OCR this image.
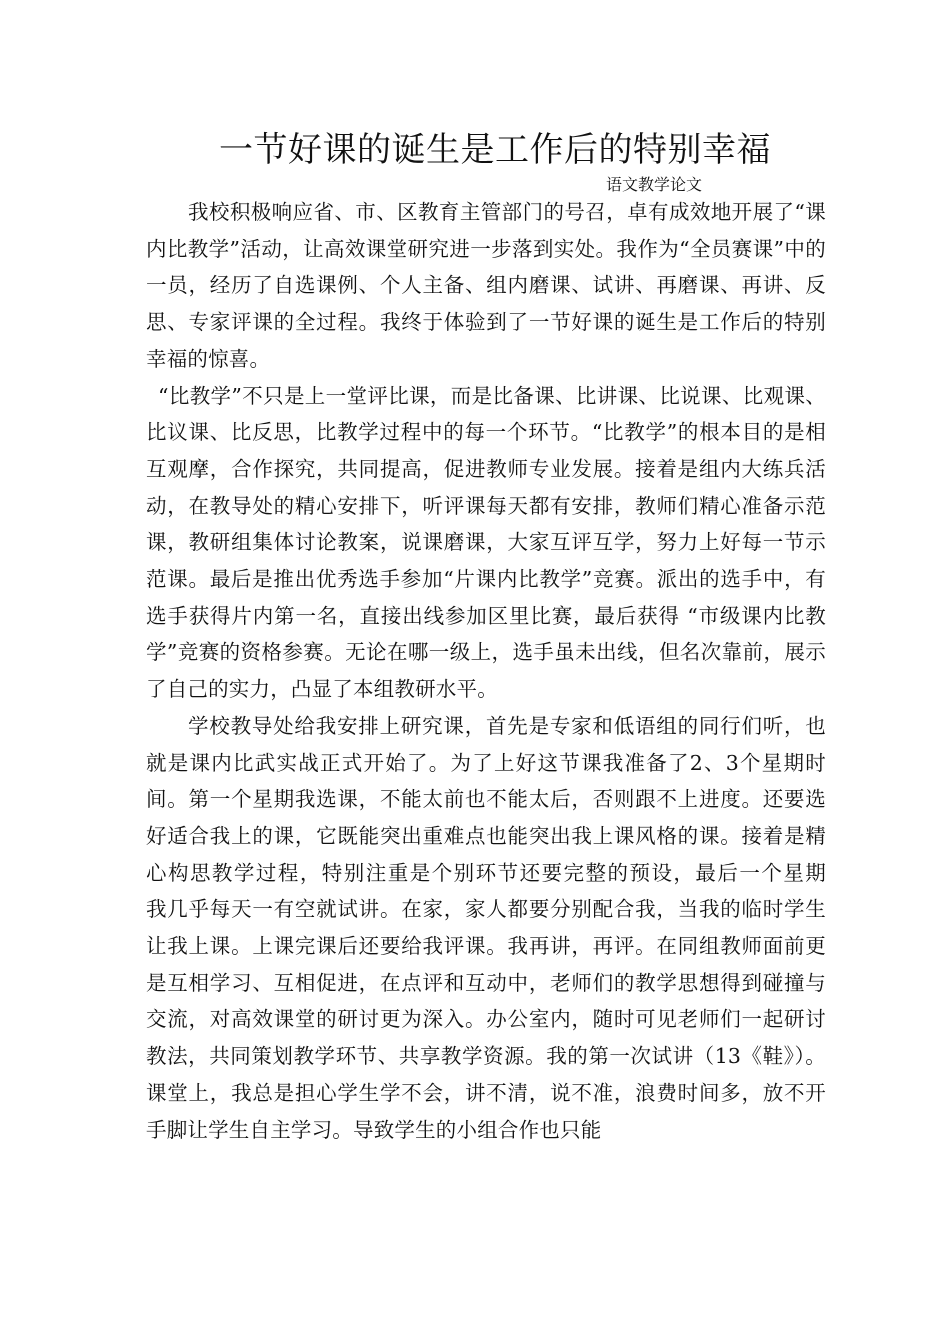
一节好课的诞生是工作后的特别幸福

语文教学论文

我校积极响应省、市、区教育主管部门的号召，卓有成效地开展了“课内比教学”活动，让高效课堂研究进一步落到实处。我作为“全员赛课”中的一员，经历了自选课例、个人主备、组内磨课、试讲、再磨课、再讲、反思、专家评课的全过程。我终于体验到了一节好课的诞生是工作后的特别幸福的惊喜。

“比教学”不只是上一堂评比课，而是比备课、比讲课、比说课、比观课、比议课、比反思，比教学过程中的每一个环节。“比教学”的根本目的是相互观摩，合作探究，共同提高，促进教师专业发展。接着是组内大练兵活动，在教导处的精心安排下，听评课每天都有安排，教师们精心准备示范课，教研组集体讨论教案，说课磨课，大家互评互学，努力上好每一节示范课。最后是推出优秀选手参加“片课内比教学”竞赛。派出的选手中，有选手获得片内第一名，直接出线参加区里比赛，最后获得 “市级课内比教学”竞赛的资格参赛。无论在哪一级上，选手虽未出线，但名次靠前，展示了自己的实力，凸显了本组教研水平。

学校教导处给我安排上研究课，首先是专家和低语组的同行们听，也就是课内比武实战正式开始了。为了上好这节课我准备了2、3个星期时间。第一个星期我选课，不能太前也不能太后，否则跟不上进度。还要选好适合我上的课，它既能突出重难点也能突出我上课风格的课。接着是精心构思教学过程，特别注重是个别环节还要完整的预设，最后一个星期　我几乎每天一有空就试讲。在家，家人都要分别配合我，当我的临时学生让我上课。上课完课后还要给我评课。我再讲，再评。在同组教师面前更是互相学习、互相促进，在点评和互动中，老师们的教学思想得到碰撞与交流，对高效课堂的研讨更为深入。办公室内，随时可见老师们一起研讨教法，共同策划教学环节、共享教学资源。我的第一次试讲（13《鞋》）。课堂上，我总是担心学生学不会，讲不清，说不准，浪费时间多，放不开手脚让学生自主学习。导致学生的小组合作也只能
